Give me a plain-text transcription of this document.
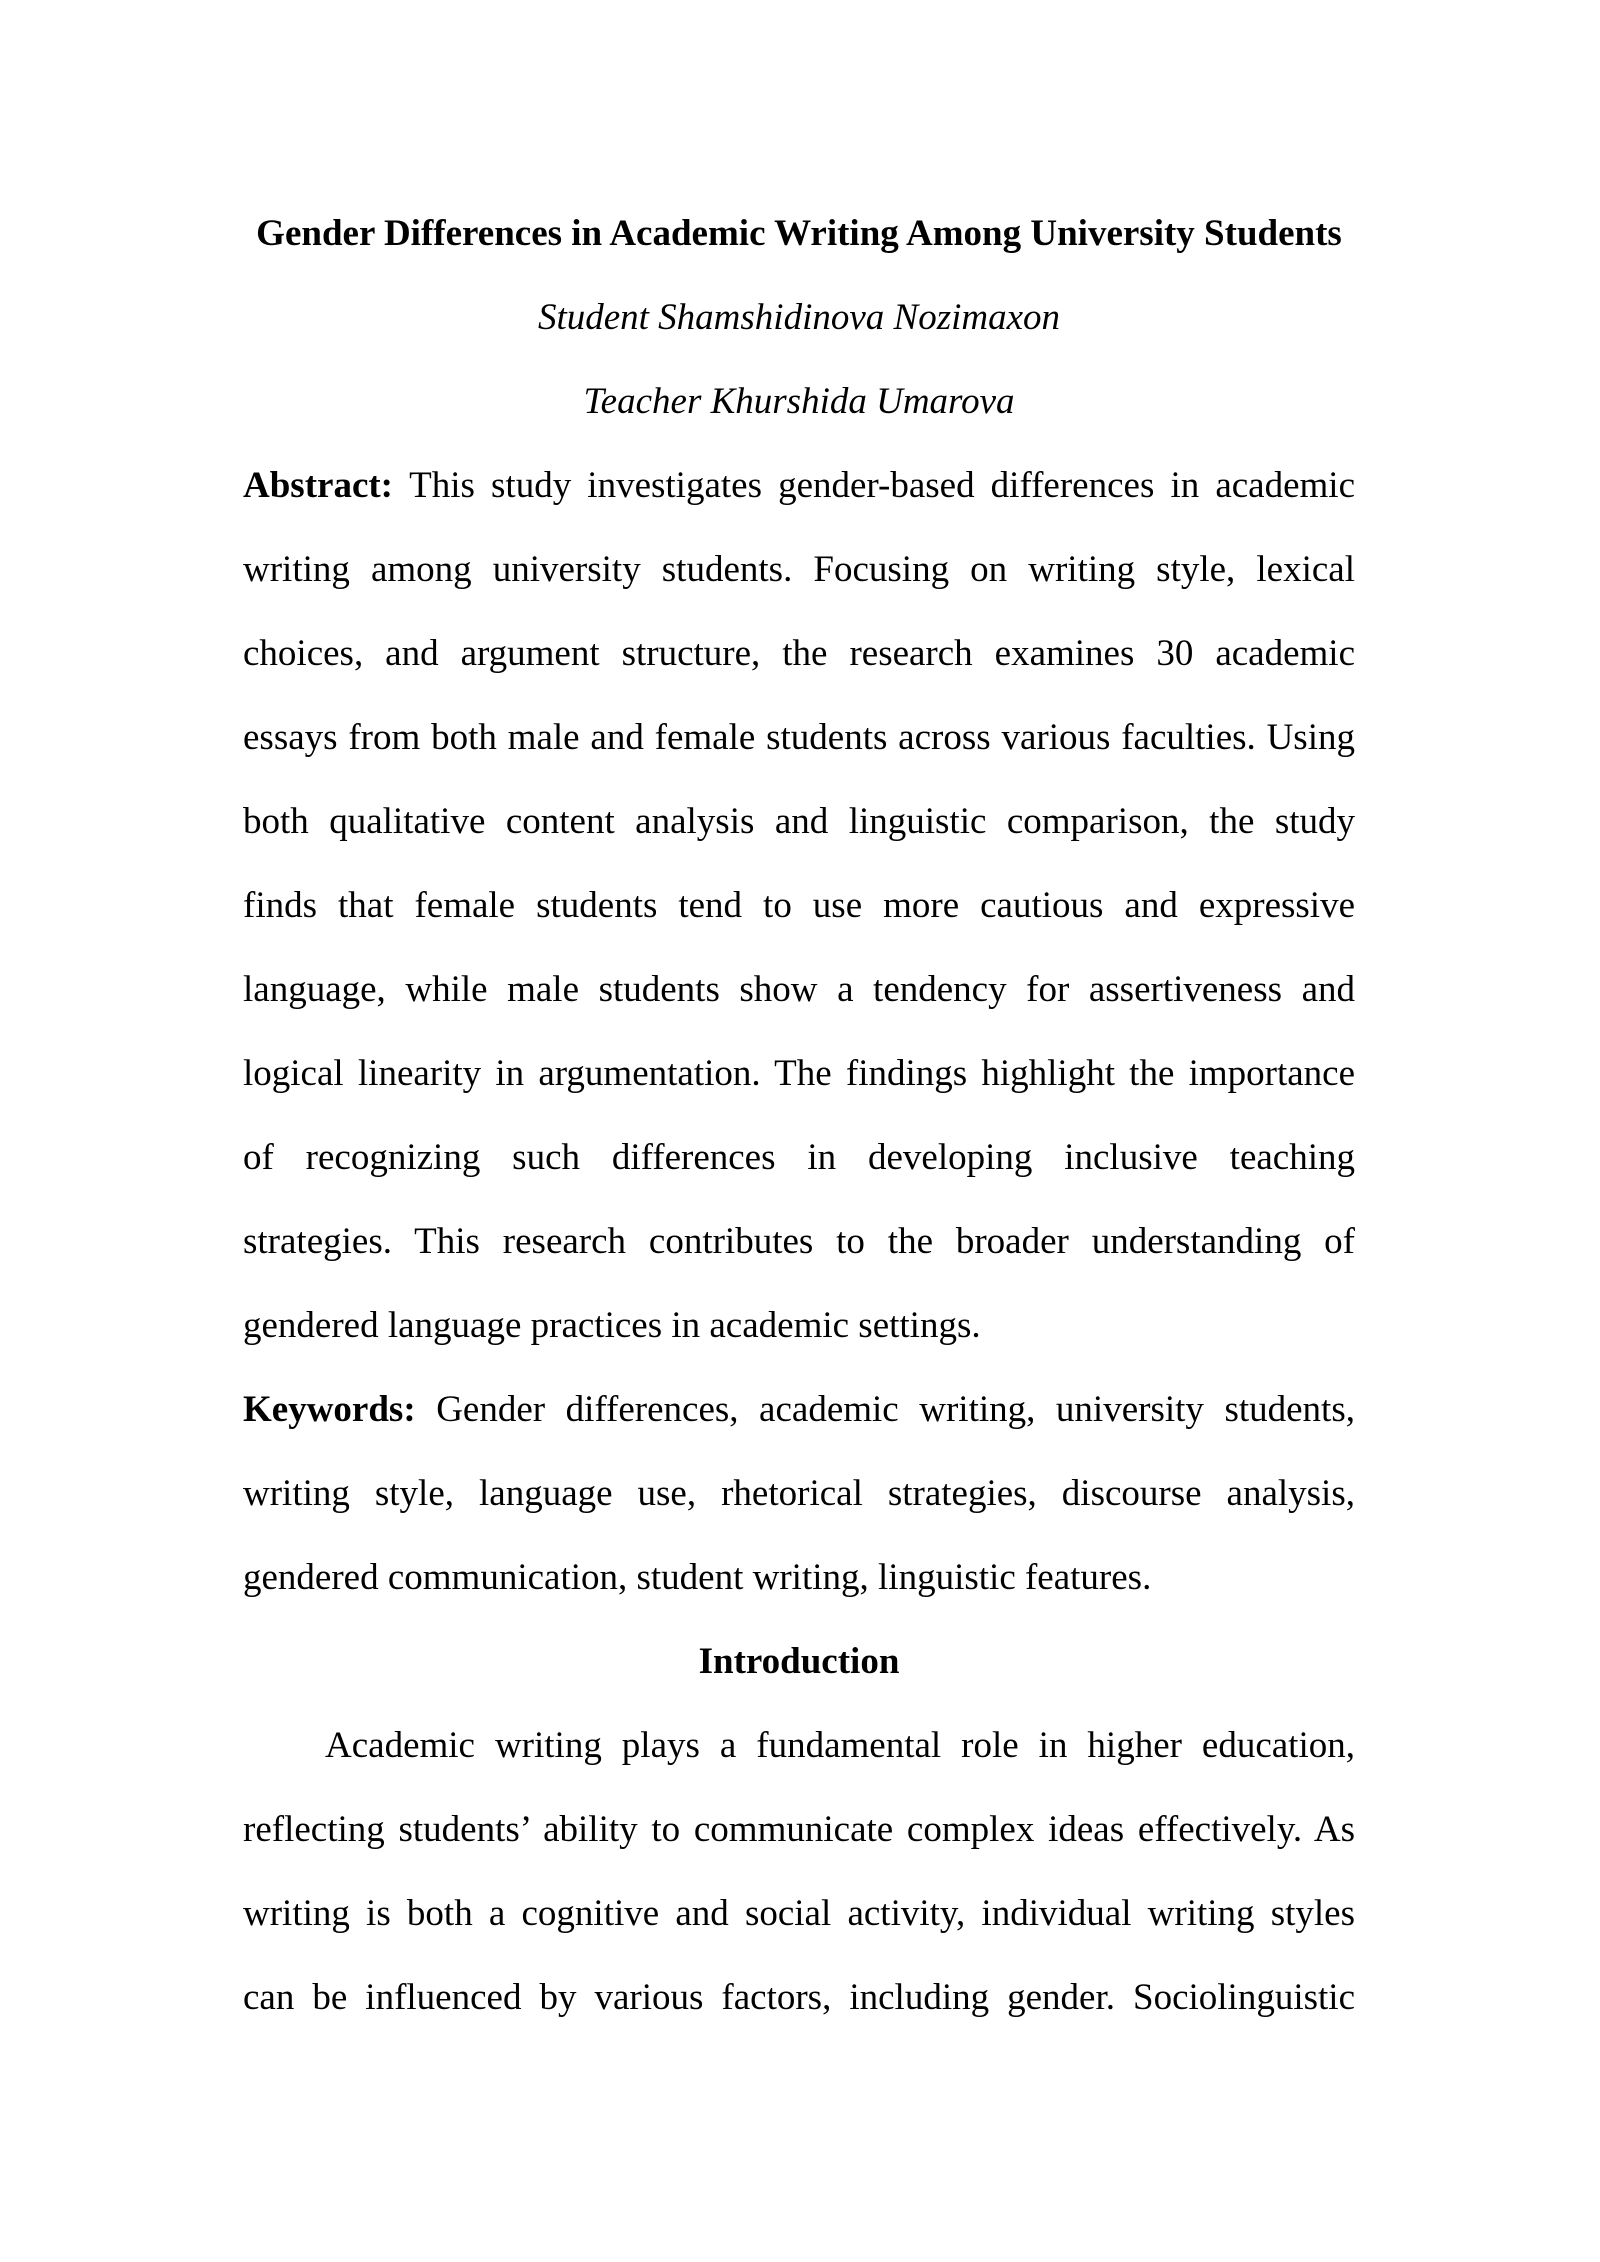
Gender Differences in Academic Writing Among University Students
Student Shamshidinova Nozimaxon
Teacher Khurshida Umarova
Abstract: This study investigates gender-based differences in academic
writing among university students. Focusing on writing style, lexical
choices, and argument structure, the research examines 30 academic
essays from both male and female students across various faculties. Using
both qualitative content analysis and linguistic comparison, the study
finds that female students tend to use more cautious and expressive
language, while male students show a tendency for assertiveness and
logical linearity in argumentation. The findings highlight the importance
of recognizing such differences in developing inclusive teaching
strategies. This research contributes to the broader understanding of
gendered language practices in academic settings.
Keywords: Gender differences, academic writing, university students,
writing style, language use, rhetorical strategies, discourse analysis,
gendered communication, student writing, linguistic features.
Introduction
Academic writing plays a fundamental role in higher education,
reflecting students’ ability to communicate complex ideas effectively. As
writing is both a cognitive and social activity, individual writing styles
can be influenced by various factors, including gender. Sociolinguistic
